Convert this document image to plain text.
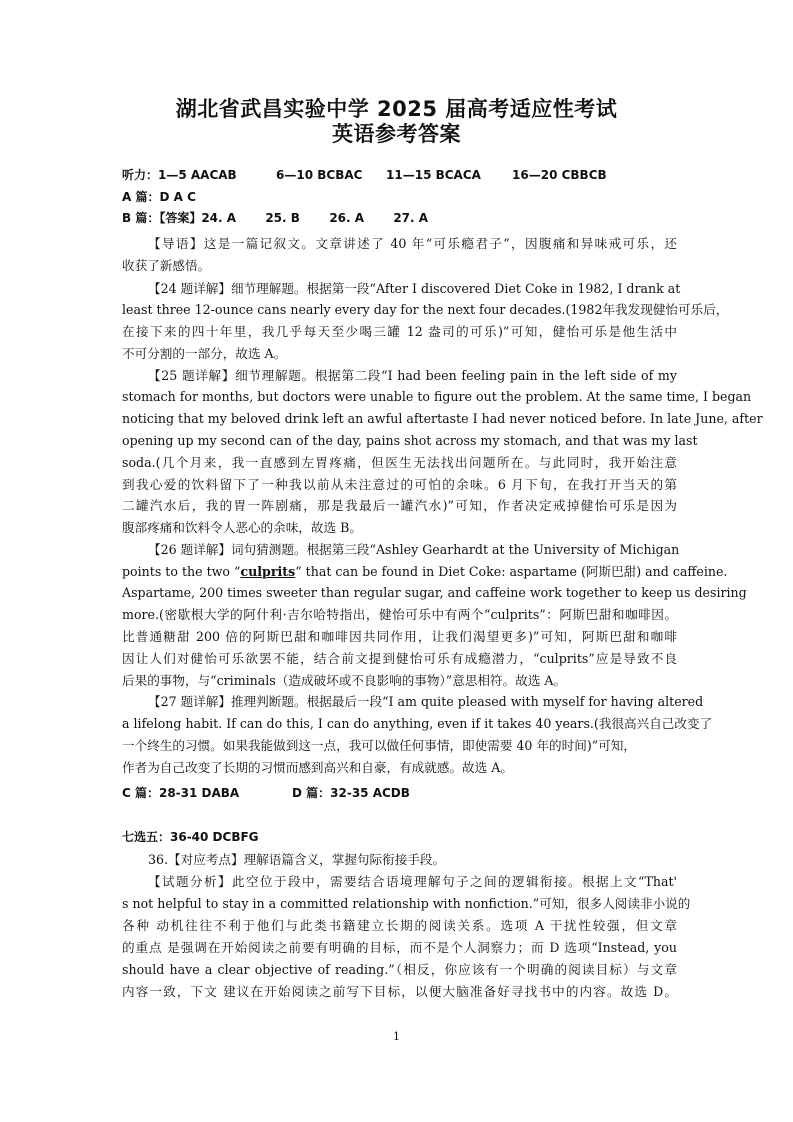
湖北省武昌实验中学 2025 届高考适应性考试
英语参考答案
听力：1—5 AACAB	6—10 BCBAC 11—15 BCACA	16—20 CBBCB
A 篇：D A C
B 篇：【答案】24. A 25. B 26. A 27. A
【导语】这是一篇记叙文。文章讲述了 40 年“可乐瘾君子”，因腹痛和异味戒可乐，还
收获了新感悟。
【24 题详解】细节理解题。根据第一段“After I discovered Diet Coke in 1982, I drank at
least three 12-ounce cans nearly every day for the next four decades.(1982年我发现健怡可乐后，
在接下来的四十年里，我几乎每天至少喝三罐 12 盎司的可乐)”可知，健怡可乐是他生活中
不可分割的一部分，故选 A。
【25 题详解】细节理解题。根据第二段“I had been feeling pain in the left side of my
stomach for months, but doctors were unable to figure out the problem. At the same time, I began
noticing that my beloved drink left an awful aftertaste I had never noticed before. In late June, after
opening up my second can of the day, pains shot across my stomach, and that was my last
soda.(几个月来，我一直感到左胃疼痛，但医生无法找出问题所在。与此同时，我开始注意
到我心爱的饮料留下了一种我以前从未注意过的可怕的余味。6 月下旬，在我打开当天的第
二罐汽水后，我的胃一阵剧痛，那是我最后一罐汽水)”可知，作者决定戒掉健怡可乐是因为
腹部疼痛和饮料令人恶心的余味，故选 B。
【26 题详解】词句猜测题。根据第三段“Ashley Gearhardt at the University of Michigan
points to the two “culprits” that can be found in Diet Coke: aspartame (阿斯巴甜) and caffeine.
Aspartame, 200 times sweeter than regular sugar, and caffeine work together to keep us desiring
more.(密歇根大学的阿什利·吉尔哈特指出，健怡可乐中有两个“culprits”：阿斯巴甜和咖啡因。
比普通糖甜 200 倍的阿斯巴甜和咖啡因共同作用，让我们渴望更多)”可知，阿斯巴甜和咖啡
因让人们对健怡可乐欲罢不能，结合前文提到健怡可乐有成瘾潜力，“culprits”应是导致不良
后果的事物，与“criminals（造成破坏或不良影响的事物）”意思相符。故选 A。
【27 题详解】推理判断题。根据最后一段“I am quite pleased with myself for having altered
a lifelong habit. If can do this, I can do anything, even if it takes 40 years.(我很高兴自己改变了
一个终生的习惯。如果我能做到这一点，我可以做任何事情，即使需要 40 年的时间)”可知，
作者为自己改变了长期的习惯而感到高兴和自豪，有成就感。故选 A。
C 篇：28-31 DABA	D 篇：32-35 ACDB
七选五：36-40 DCBFG
36.【对应考点】理解语篇含义，掌握句际衔接手段。
【试题分析】此空位于段中，需要结合语境理解句子之间的逻辑衔接。根据上文“That'
s not helpful to stay in a committed relationship with nonfiction.”可知，很多人阅读非小说的
各种 动机往往不利于他们与此类书籍建立长期的阅读关系。选项 A 干扰性较强，但文章
的重点 是强调在开始阅读之前要有明确的目标，而不是个人洞察力；而 D 选项“Instead, you
should have a clear objective of reading.”（相反，你应该有一个明确的阅读目标）与文章
内容一致，下文 建议在开始阅读之前写下目标，以便大脑准备好寻找书中的内容。故选 D。
1
